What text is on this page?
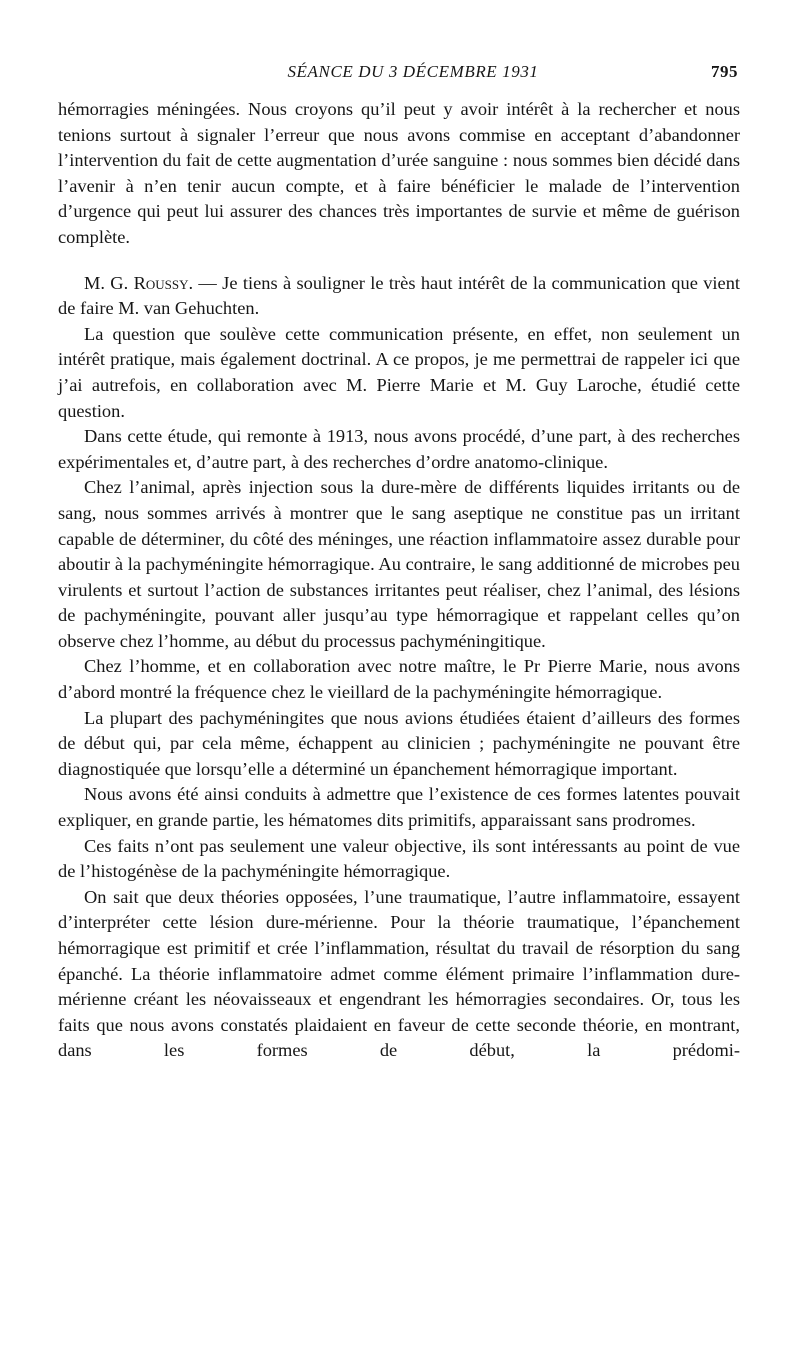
SÉANCE DU 3 DÉCEMBRE 1931	795

hémorragies méningées. Nous croyons qu’il peut y avoir intérêt à la rechercher et nous tenions surtout à signaler l’erreur que nous avons commise en acceptant d’abandonner l’intervention du fait de cette augmentation d’urée sanguine : nous sommes bien décidé dans l’avenir à n’en tenir aucun compte, et à faire bénéficier le malade de l’intervention d’urgence qui peut lui assurer des chances très importantes de survie et même de guérison complète.

M. G. Roussy. — Je tiens à souligner le très haut intérêt de la communication que vient de faire M. van Gehuchten.

La question que soulève cette communication présente, en effet, non seulement un intérêt pratique, mais également doctrinal. A ce propos, je me permettrai de rappeler ici que j’ai autrefois, en collaboration avec M. Pierre Marie et M. Guy Laroche, étudié cette question.

Dans cette étude, qui remonte à 1913, nous avons procédé, d’une part, à des recherches expérimentales et, d’autre part, à des recherches d’ordre anatomo-clinique.

Chez l’animal, après injection sous la dure-mère de différents liquides irritants ou de sang, nous sommes arrivés à montrer que le sang aseptique ne constitue pas un irritant capable de déterminer, du côté des méninges, une réaction inflammatoire assez durable pour aboutir à la pachyméningite hémorragique. Au contraire, le sang additionné de microbes peu virulents et surtout l’action de substances irritantes peut réaliser, chez l’animal, des lésions de pachyméningite, pouvant aller jusqu’au type hémorragique et rappelant celles qu’on observe chez l’homme, au début du processus pachyméningitique.

Chez l’homme, et en collaboration avec notre maître, le Pr Pierre Marie, nous avons d’abord montré la fréquence chez le vieillard de la pachyméningite hémorragique.

La plupart des pachyméningites que nous avions étudiées étaient d’ailleurs des formes de début qui, par cela même, échappent au clinicien ; pachyméningite ne pouvant être diagnostiquée que lorsqu’elle a déterminé un épanchement hémorragique important.

Nous avons été ainsi conduits à admettre que l’existence de ces formes latentes pouvait expliquer, en grande partie, les hématomes dits primitifs, apparaissant sans prodromes.

Ces faits n’ont pas seulement une valeur objective, ils sont intéressants au point de vue de l’histogénèse de la pachyméningite hémorragique.

On sait que deux théories opposées, l’une traumatique, l’autre inflammatoire, essayent d’interpréter cette lésion dure-mérienne. Pour la théorie traumatique, l’épanchement hémorragique est primitif et crée l’inflammation, résultat du travail de résorption du sang épanché. La théorie inflammatoire admet comme élément primaire l’inflammation dure-mérienne créant les néovaisseaux et engendrant les hémorragies secondaires. Or, tous les faits que nous avons constatés plaidaient en faveur de cette seconde théorie, en montrant, dans les formes de début, la prédomi-
